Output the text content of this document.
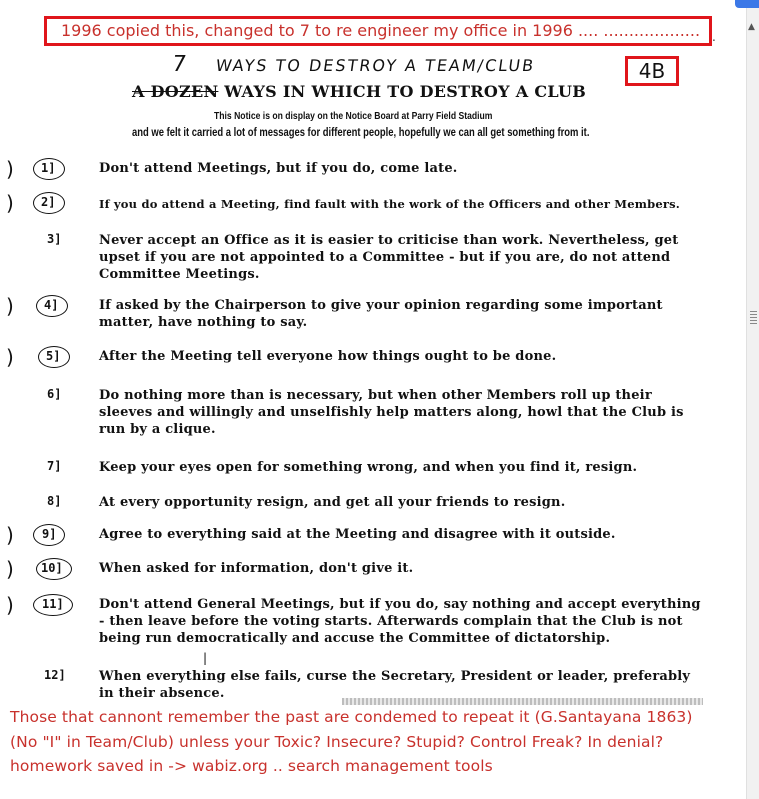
1996 copied this, changed to 7 to re engineer my office in 1996 .... ................... .
7 WAYS TO DESTROY A TEAM/CLUB	4B
A DOZEN WAYS IN WHICH TO DESTROY A CLUB
This Notice is on display on the Notice Board at Parry Field Stadium
and we felt it carried a lot of messages for different people, hopefully we can all get something from it.
) 1]	Don't attend Meetings, but if you do, come late.
) 2]	If you do attend a Meeting, find fault with the work of the Officers and other Members.
3]	Never accept an Office as it is easier to criticise than work. Nevertheless, get upset if you are not appointed to a Committee - but if you are, do not attend Committee Meetings.
)	4]	If asked by the Chairperson to give your opinion regarding some important matter, have nothing to say.
)	5]	After the Meeting tell everyone how things ought to be done.
6]	Do nothing more than is necessary, but when other Members roll up their sleeves and willingly and unselfishly help matters along, howl that the Club is run by a clique.
7]	Keep your eyes open for something wrong, and when you find it, resign.
8]	At every opportunity resign, and get all your friends to resign.
) 9]	Agree to everything said at the Meeting and disagree with it outside.
) 10]	When asked for information, don't give it.
) 11]	Don't attend General Meetings, but if you do, say nothing and accept everything - then leave before the voting starts. Afterwards complain that the Club is not being run democratically and accuse the Committee of dictatorship.
|
12]	When everything else fails, curse the Secretary, President or leader, preferably in their absence.
Those that cannont remember the past are condemed to repeat it (G.Santayana 1863)
(No "I" in Team/Club) unless your Toxic? Insecure? Stupid? Control Freak? In denial?
homework saved in -> wabiz.org .. search management tools
▲
